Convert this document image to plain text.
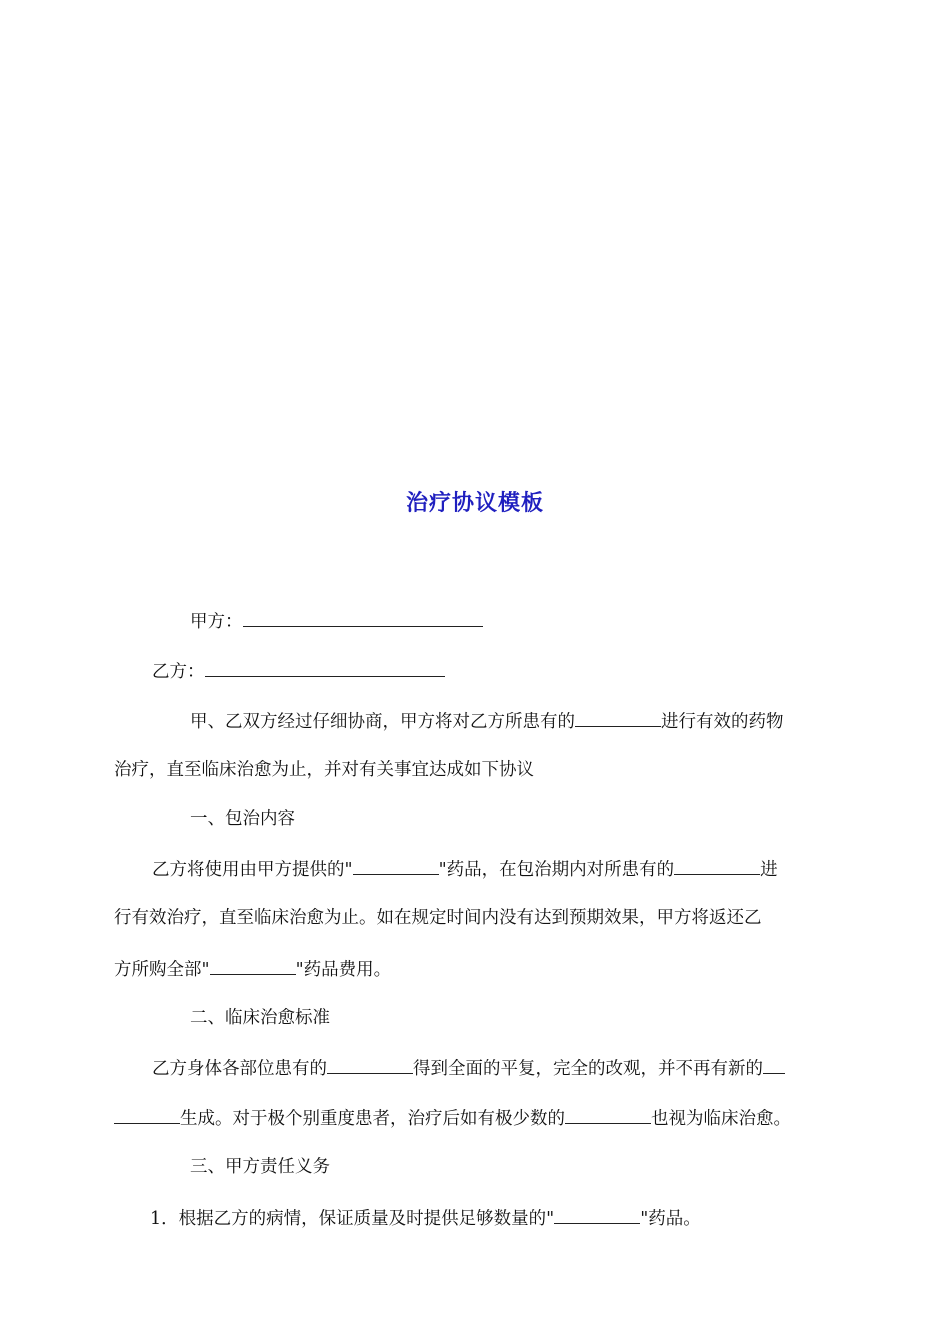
治疗协议模板
甲方：
乙方：
甲、乙双方经过仔细协商，甲方将对乙方所患有的	进行有效的药物
治疗，直至临床治愈为止，并对有关事宜达成如下协议
一、包治内容
乙方将使用由甲方提供的"	"药品，在包治期内对所患有的	进
行有效治疗，直至临床治愈为止。如在规定时间内没有达到预期效果，甲方将返还乙
方所购全部"	"药品费用。
二、临床治愈标准
乙方身体各部位患有的	得到全面的平复，完全的改观，并不再有新的
生成。对于极个别重度患者，治疗后如有极少数的	也视为临床治愈。
三、甲方责任义务
1．根据乙方的病情，保证质量及时提供足够数量的"	"药品。
